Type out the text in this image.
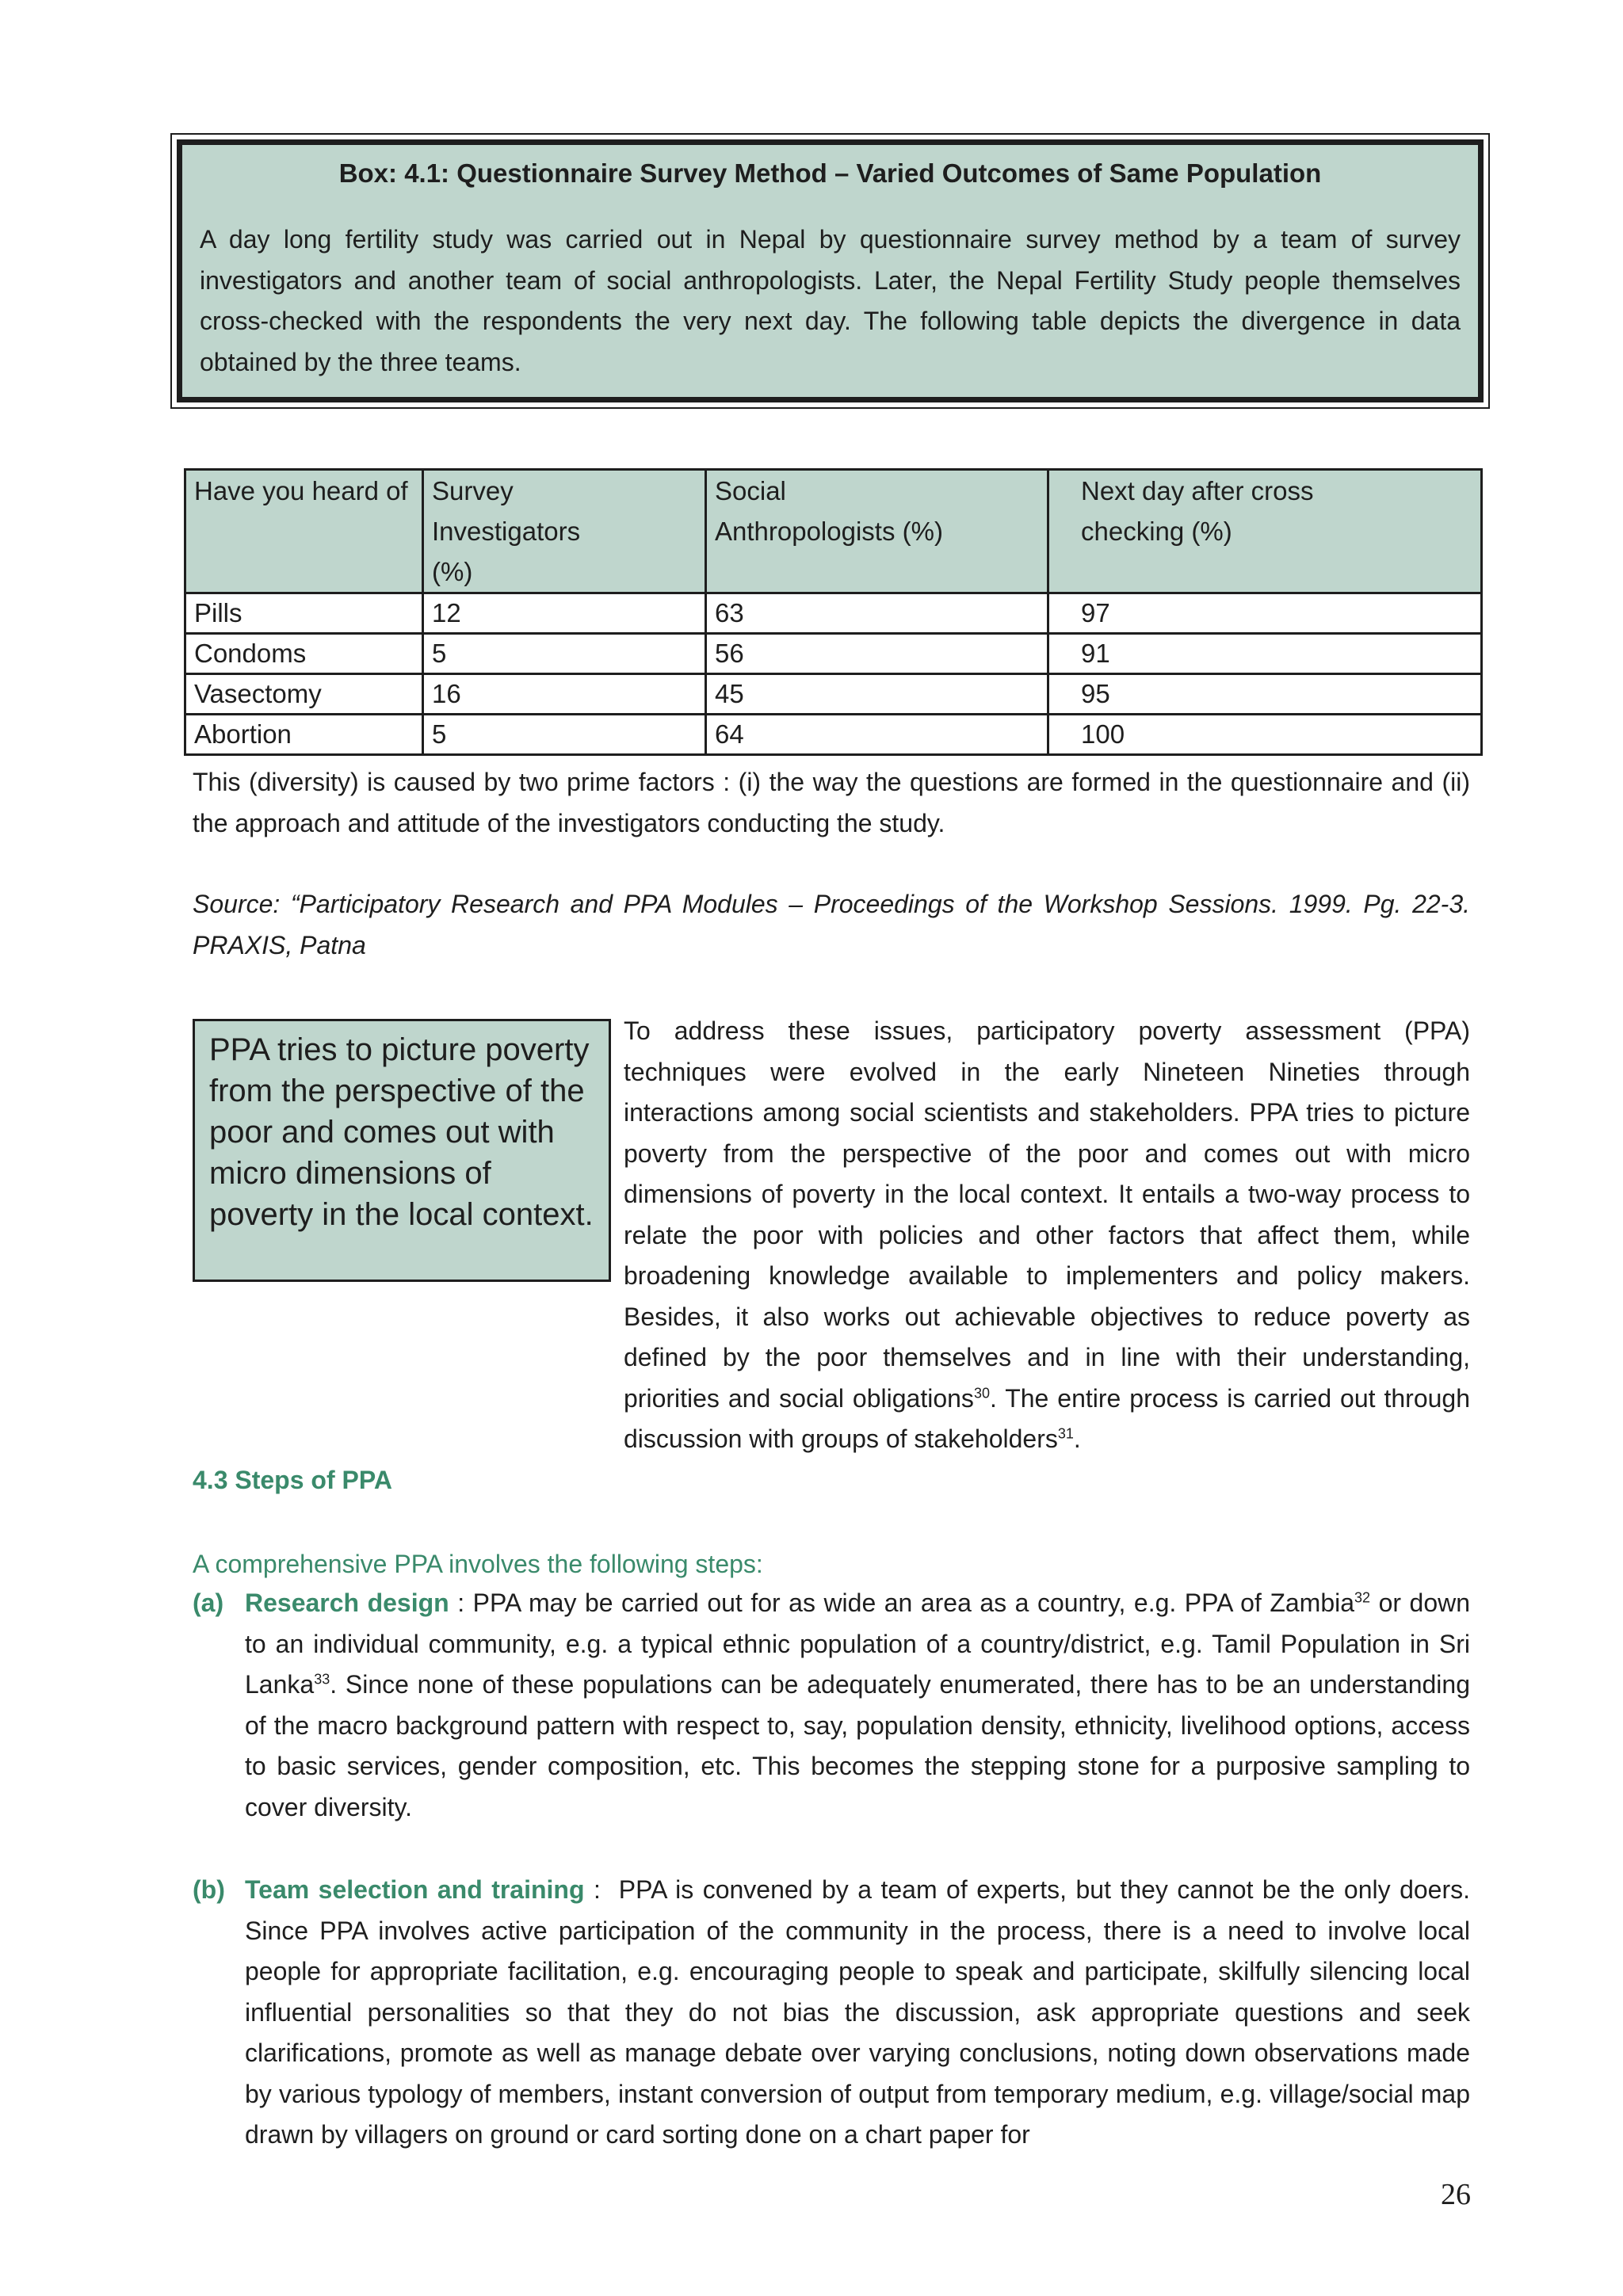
Box: 4.1: Questionnaire Survey Method – Varied Outcomes of Same Population

A day long fertility study was carried out in Nepal by questionnaire survey method by a team of survey investigators and another team of social anthropologists. Later, the Nepal Fertility Study people themselves cross-checked with the respondents the very next day. The following table depicts the divergence in data obtained by the three teams.

Have you heard of	Survey Investigators (%)	Social Anthropologists (%)	Next day after cross checking (%)
Pills	12	63	97
Condoms	5	56	91
Vasectomy	16	45	95
Abortion	5	64	100

This (diversity) is caused by two prime factors : (i) the way the questions are formed in the questionnaire and (ii) the approach and attitude of the investigators conducting the study.

Source: “Participatory Research and PPA Modules – Proceedings of the Workshop Sessions. 1999. Pg. 22-3. PRAXIS, Patna

PPA tries to picture poverty from the perspective of the poor and comes out with micro dimensions of poverty in the local context.

To address these issues, participatory poverty assessment (PPA) techniques were evolved in the early Nineteen Nineties through interactions among social scientists and stakeholders. PPA tries to picture poverty from the perspective of the poor and comes out with micro dimensions of poverty in the local context. It entails a two-way process to relate the poor with policies and other factors that affect them, while broadening knowledge available to implementers and policy makers. Besides, it also works out achievable objectives to reduce poverty as defined by the poor themselves and in line with their understanding, priorities and social obligations$^{30}$. The entire process is carried out through discussion with groups of stakeholders$^{31}$.

4.3 Steps of PPA

A comprehensive PPA involves the following steps:

(a) Research design : PPA may be carried out for as wide an area as a country, e.g. PPA of Zambia$^{32}$ or down to an individual community, e.g. a typical ethnic population of a country/district, e.g. Tamil Population in Sri Lanka$^{33}$. Since none of these populations can be adequately enumerated, there has to be an understanding of the macro background pattern with respect to, say, population density, ethnicity, livelihood options, access to basic services, gender composition, etc. This becomes the stepping stone for a purposive sampling to cover diversity.

(b) Team selection and training :  PPA is convened by a team of experts, but they cannot be the only doers. Since PPA involves active participation of the community in the process, there is a need to involve local people for appropriate facilitation, e.g. encouraging people to speak and participate, skilfully silencing local influential personalities so that they do not bias the discussion, ask appropriate questions and seek clarifications, promote as well as manage debate over varying conclusions, noting down observations made by various typology of members, instant conversion of output from temporary medium, e.g. village/social map drawn by villagers on ground or card sorting done on a chart paper for

26
